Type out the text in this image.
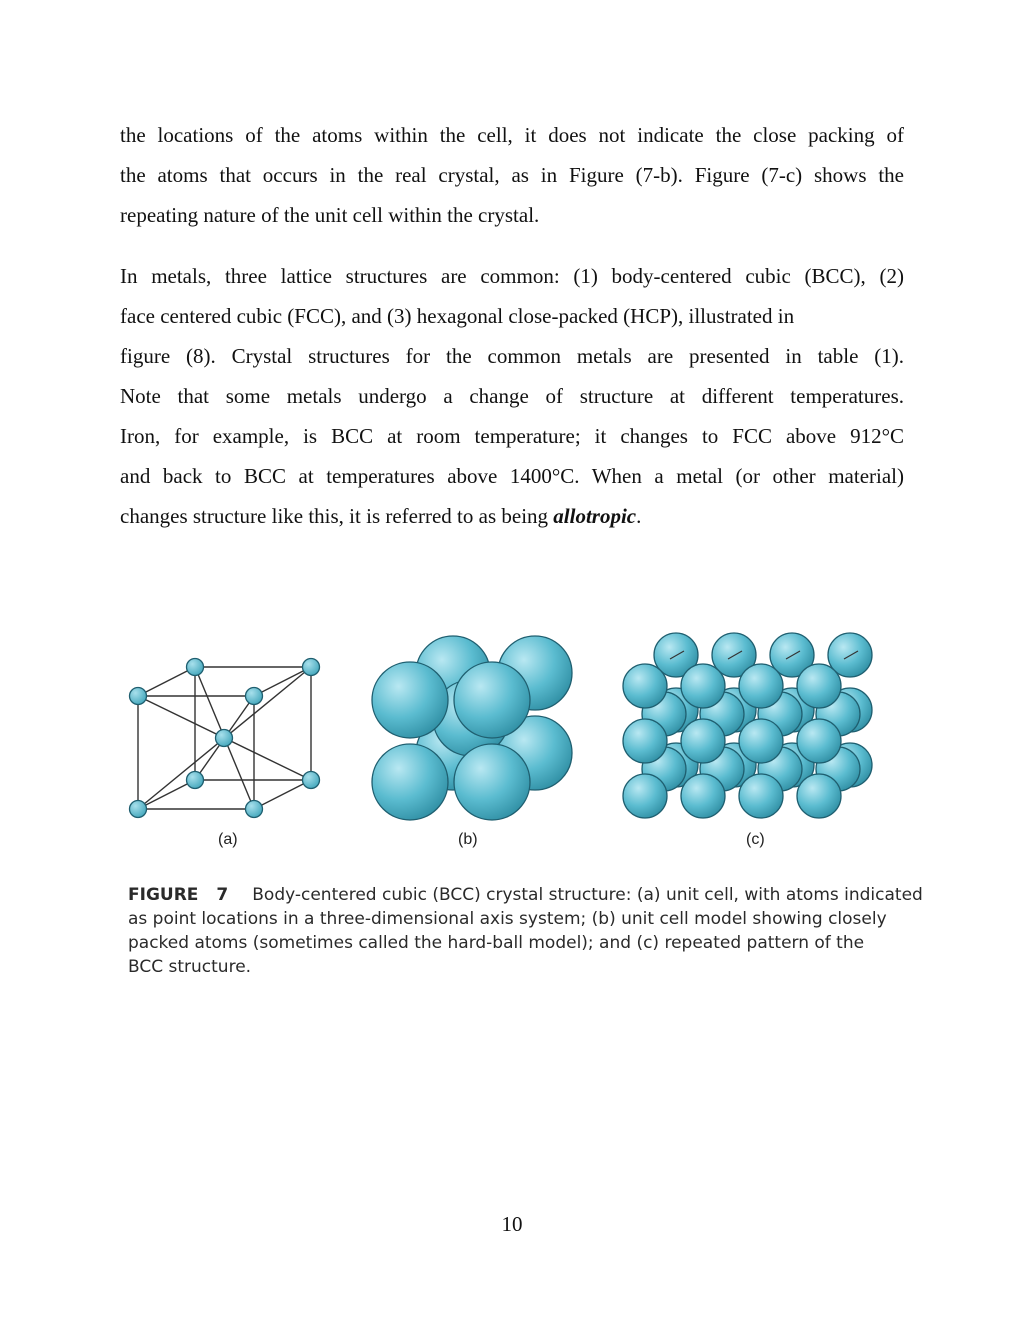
the locations of the atoms within the cell, it does not indicate the close packing of
the atoms that occurs in the real crystal, as in Figure (7-b). Figure (7-c) shows the
repeating nature of the unit cell within the crystal.
In metals, three lattice structures are common: (1) body-centered cubic (BCC), (2)
face centered cubic (FCC), and (3) hexagonal close-packed (HCP), illustrated in
figure (8). Crystal structures for the common metals are presented in table (1).
Note that some metals undergo a change of structure at different temperatures.
Iron, for example, is BCC at room temperature; it changes to FCC above 912°C
and back to BCC at temperatures above 1400°C. When a metal (or other material)
changes structure like this, it is referred to as being allotropic.
(a)	(b)	(c)
FIGURE 7 Body-centered cubic (BCC) crystal structure: (a) unit cell, with atoms indicated
as point locations in a three-dimensional axis system; (b) unit cell model showing closely
packed atoms (sometimes called the hard-ball model); and (c) repeated pattern of the
BCC structure.
10
